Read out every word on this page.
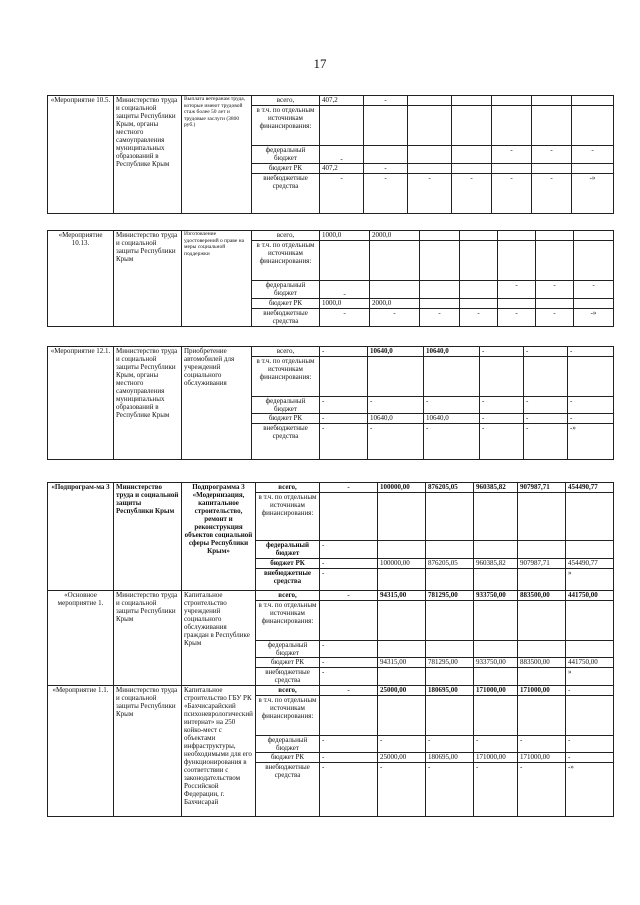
17
«Мероприятие 10.5.	Министерство труда и социальной защиты Республики Крым, органы местного самоуправления муниципальных образований в Республике Крым	Выплата ветеранам труда, которые имеют трудовой стаж более 50 лет и трудовые заслуги (3800 руб.)	всего,	407,2	-					
			в т.ч. по отдельным источникам финансирования:							
			федеральный бюджет	-				-	-	-
			бюджет РК	407,2	-					
			внебюджетные средства	-	-	-	-	-	-	-»
«Мероприятие 10.13.	Министерство труда и социальной защиты Республики Крым	Изготовление удостоверений о праве на меры социальной поддержки	всего,	1000,0	2000,0					
			в т.ч. по отдельным источникам финансирования:							
			федеральный бюджет	-				-	-	-
			бюджет РК	1000,0	2000,0					
			внебюджетные средства	-	-	-	-	-	-	-»
«Мероприятие 12.1.	Министерство труда и социальной защиты Республики Крым, органы местного самоуправления муниципальных образований в Республике Крым	Приобретение автомобилей для учреждений социального обслуживания	всего,	-	10640,0	10640,0	-	-	-	
			в т.ч. по отдельным источникам финансирования:							
			федеральный бюджет	-	-	-	-	-	-	
			бюджет РК	-	10640,0	10640,0	-	-	-	
			внебюджетные средства	-	-	-	-	-	-»	
«Подпрограм-ма 3	Министерство труда и социальной защиты Республики Крым	Подпрограмма 3 «Модернизация, капитальное строительство, ремонт и реконструкция объектов социальной сферы Республики Крым»	всего,	-	100000,00	876205,05	960385,82	907987,71	454490,77
			в т.ч. по отдельным источникам финансирования:						
			федеральный бюджет	-					
			бюджет РК	-	100000,00	876205,05	960385,82	907987,71	454490,77
			внебюджетные средства	-					»
«Основное мероприятие 1.	Министерство труда и социальной защиты Республики Крым	Капитальное строительство учреждений социального обслуживания граждан в Республике Крым	всего,	-	94315,00	781295,00	933750,00	883500,00	441750,00
			в т.ч. по отдельным источникам финансирования:						
			федеральный бюджет	-					
			бюджет РК	-	94315,00	781295,00	933750,00	883500,00	441750,00
			внебюджетные средства	-					»
«Мероприятие 1.1.	Министерство труда и социальной защиты Республики Крым	Капитальное строительство ГБУ РК «Бахчисарайский психоневрологический интернат» на 250 койко-мест с объектами инфраструктуры, необходимыми для его функционирования в соответствии с законодательством Российской Федерации, г. Бахчисарай	всего,	-	25000,00	180695,00	171000,00	171000,00	-
			в т.ч. по отдельным источникам финансирования:						
			федеральный бюджет	-	-	-	-	-	-
			бюджет РК	-	25000,00	180695,00	171000,00	171000,00	-
			внебюджетные средства	-	-	-	-	-	-»
